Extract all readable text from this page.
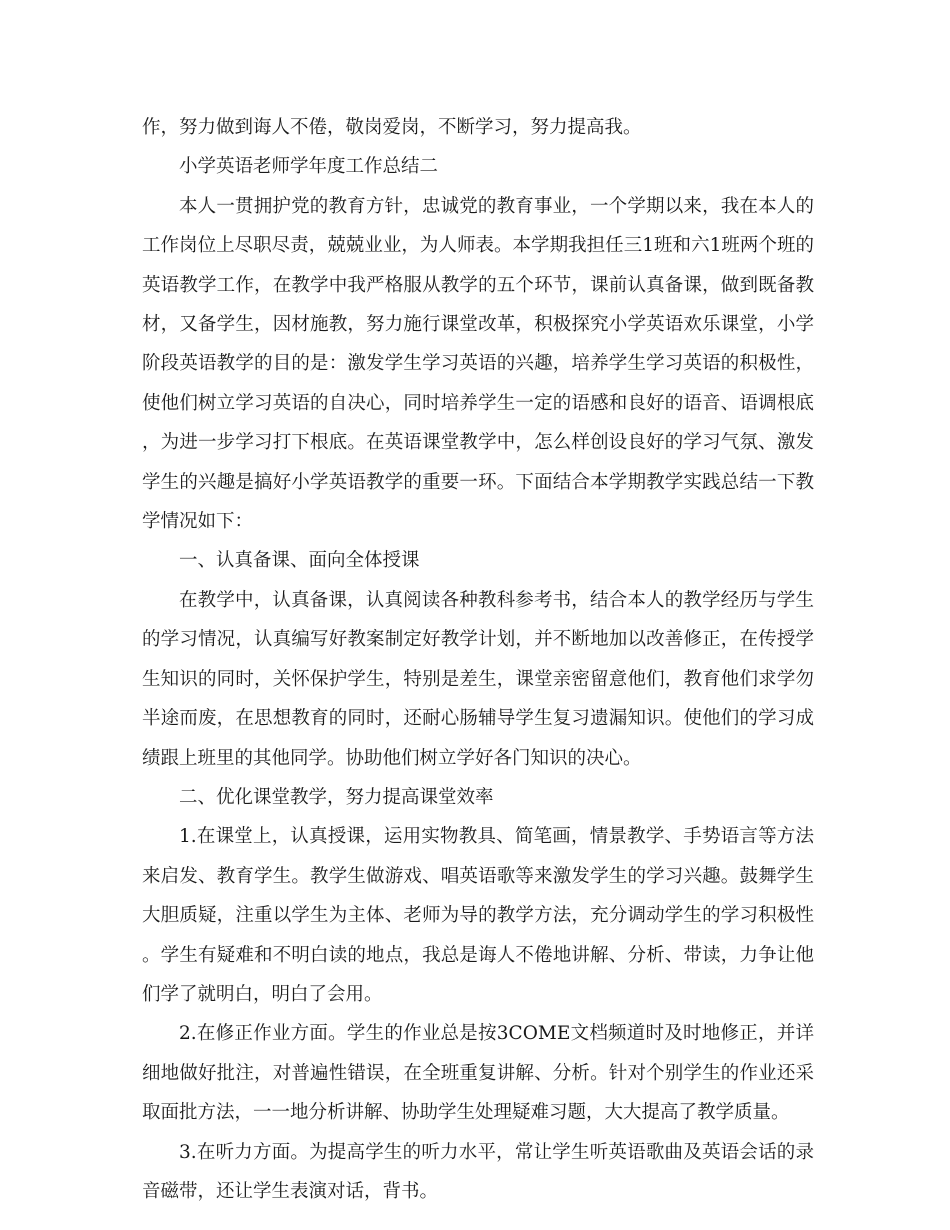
作，努力做到诲人不倦，敬岗爱岗，不断学习，努力提高我。

小学英语老师学年度工作总结二

本人一贯拥护党的教育方针，忠诚党的教育事业，一个学期以来，我在本人的工作岗位上尽职尽责，兢兢业业，为人师表。本学期我担任三1班和六1班两个班的英语教学工作，在教学中我严格服从教学的五个环节，课前认真备课，做到既备教材，又备学生，因材施教，努力施行课堂改革，积极探究小学英语欢乐课堂，小学阶段英语教学的目的是：激发学生学习英语的兴趣，培养学生学习英语的积极性，使他们树立学习英语的自决心，同时培养学生一定的语感和良好的语音、语调根底，为进一步学习打下根底。在英语课堂教学中，怎么样创设良好的学习气氛、激发学生的兴趣是搞好小学英语教学的重要一环。下面结合本学期教学实践总结一下教学情况如下：

一、认真备课、面向全体授课

在教学中，认真备课，认真阅读各种教科参考书，结合本人的教学经历与学生的学习情况，认真编写好教案制定好教学计划，并不断地加以改善修正，在传授学生知识的同时，关怀保护学生，特别是差生，课堂亲密留意他们，教育他们求学勿半途而废，在思想教育的同时，还耐心肠辅导学生复习遗漏知识。使他们的学习成绩跟上班里的其他同学。协助他们树立学好各门知识的决心。

二、优化课堂教学，努力提高课堂效率

1.在课堂上，认真授课，运用实物教具、简笔画，情景教学、手势语言等方法来启发、教育学生。教学生做游戏、唱英语歌等来激发学生的学习兴趣。鼓舞学生大胆质疑，注重以学生为主体、老师为导的教学方法，充分调动学生的学习积极性。学生有疑难和不明白读的地点，我总是诲人不倦地讲解、分析、带读，力争让他们学了就明白，明白了会用。

2.在修正作业方面。学生的作业总是按3COME文档频道时及时地修正，并详细地做好批注，对普遍性错误，在全班重复讲解、分析。针对个别学生的作业还采取面批方法，一一地分析讲解、协助学生处理疑难习题，大大提高了教学质量。

3.在听力方面。为提高学生的听力水平，常让学生听英语歌曲及英语会话的录音磁带，还让学生表演对话，背书。
